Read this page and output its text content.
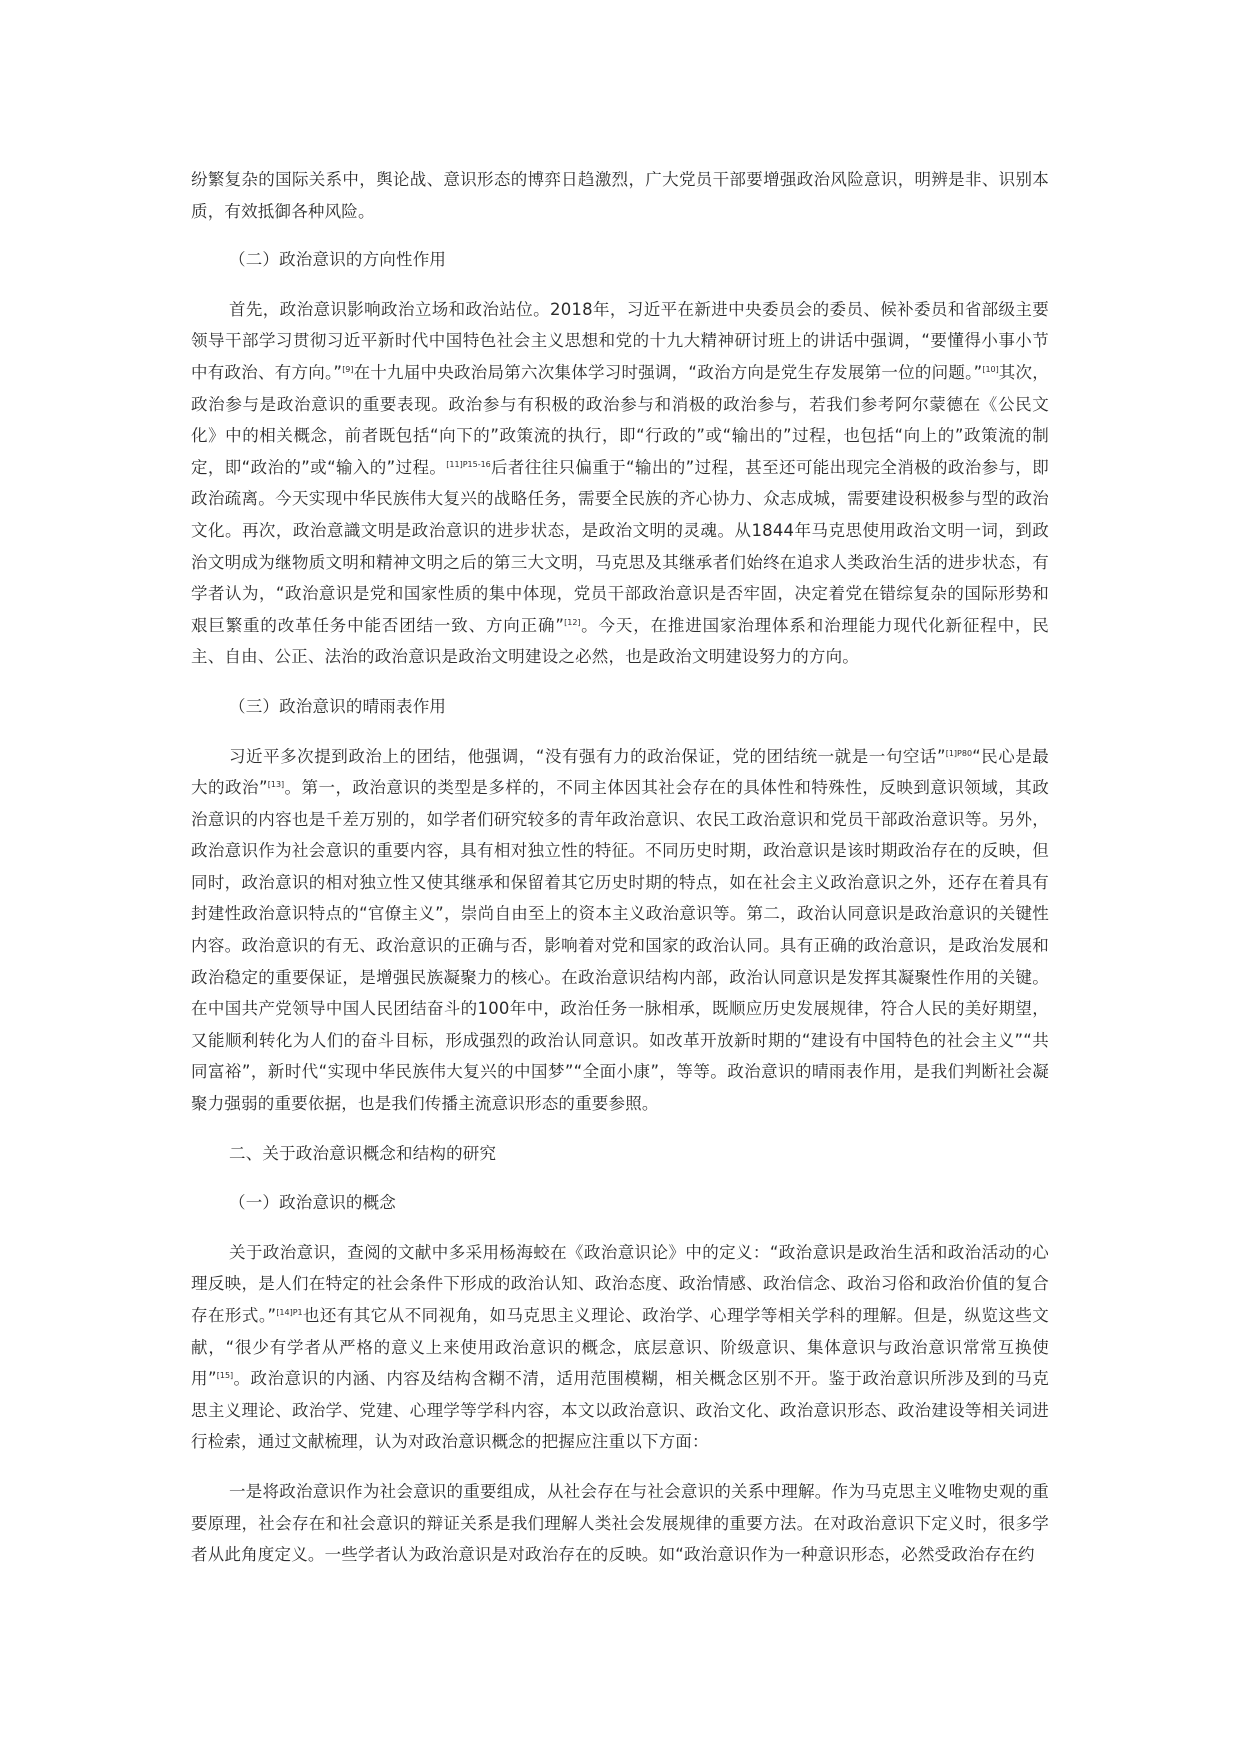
纷繁复杂的国际关系中，舆论战、意识形态的博弈日趋激烈，广大党员干部要增强政治风险意识，明辨是非、识别本质，有效抵御各种风险。

（二）政治意识的方向性作用

首先，政治意识影响政治立场和政治站位。2018年，习近平在新进中央委员会的委员、候补委员和省部级主要领导干部学习贯彻习近平新时代中国特色社会主义思想和党的十九大精神研讨班上的讲话中强调，“要懂得小事小节中有政治、有方向。”[9]在十九届中央政治局第六次集体学习时强调，“政治方向是党生存发展第一位的问题。”[10]其次，政治参与是政治意识的重要表现。政治参与有积极的政治参与和消极的政治参与，若我们参考阿尔蒙德在《公民文化》中的相关概念，前者既包括“向下的”政策流的执行，即“行政的”或“输出的”过程，也包括“向上的”政策流的制定，即“政治的”或“输入的”过程。$^{[11]P15-16}$后者往往只偏重于“输出的”过程，甚至还可能出现完全消极的政治参与，即政治疏离。今天实现中华民族伟大复兴的战略任务，需要全民族的齐心协力、众志成城，需要建设积极参与型的政治文化。再次，政治意識文明是政治意识的进步状态，是政治文明的灵魂。从1844年马克思使用政治文明一词，到政治文明成为继物质文明和精神文明之后的第三大文明，马克思及其继承者们始终在追求人类政治生活的进步状态，有学者认为，“政治意识是党和国家性质的集中体现，党员干部政治意识是否牢固，决定着党在错综复杂的国际形势和艰巨繁重的改革任务中能否团结一致、方向正确”[12]。今天，在推进国家治理体系和治理能力现代化新征程中，民主、自由、公正、法治的政治意识是政治文明建设之必然，也是政治文明建设努力的方向。

（三）政治意识的晴雨表作用

习近平多次提到政治上的团结，他强调，“没有强有力的政治保证，党的团结统一就是一句空话”$^{[1]P80}$“民心是最大的政治”[13]。第一，政治意识的类型是多样的，不同主体因其社会存在的具体性和特殊性，反映到意识领域，其政治意识的内容也是千差万别的，如学者们研究较多的青年政治意识、农民工政治意识和党员干部政治意识等。另外，政治意识作为社会意识的重要内容，具有相对独立性的特征。不同历史时期，政治意识是该时期政治存在的反映，但同时，政治意识的相对独立性又使其继承和保留着其它历史时期的特点，如在社会主义政治意识之外，还存在着具有封建性政治意识特点的“官僚主义”，崇尚自由至上的资本主义政治意识等。第二，政治认同意识是政治意识的关键性内容。政治意识的有无、政治意识的正确与否，影响着对党和国家的政治认同。具有正确的政治意识，是政治发展和政治稳定的重要保证，是增强民族凝聚力的核心。在政治意识结构内部，政治认同意识是发挥其凝聚性作用的关键。在中国共产党领导中国人民团结奋斗的100年中，政治任务一脉相承，既顺应历史发展规律，符合人民的美好期望，又能顺利转化为人们的奋斗目标，形成强烈的政治认同意识。如改革开放新时期的“建设有中国特色的社会主义”“共同富裕”，新时代“实现中华民族伟大复兴的中国梦”“全面小康”，等等。政治意识的晴雨表作用，是我们判断社会凝聚力强弱的重要依据，也是我们传播主流意识形态的重要参照。

二、关于政治意识概念和结构的研究

（一）政治意识的概念

关于政治意识，查阅的文献中多采用杨海蛟在《政治意识论》中的定义：“政治意识是政治生活和政治活动的心理反映，是人们在特定的社会条件下形成的政治认知、政治态度、政治情感、政治信念、政治习俗和政治价值的复合存在形式。”$^{[14]P1}$也还有其它从不同视角，如马克思主义理论、政治学、心理学等相关学科的理解。但是，纵览这些文献，“很少有学者从严格的意义上来使用政治意识的概念，底层意识、阶级意识、集体意识与政治意识常常互换使用”[15]。政治意识的内涵、内容及结构含糊不清，适用范围模糊，相关概念区别不开。鉴于政治意识所涉及到的马克思主义理论、政治学、党建、心理学等学科内容，本文以政治意识、政治文化、政治意识形态、政治建设等相关词进行检索，通过文献梳理，认为对政治意识概念的把握应注重以下方面：

一是将政治意识作为社会意识的重要组成，从社会存在与社会意识的关系中理解。作为马克思主义唯物史观的重要原理，社会存在和社会意识的辩证关系是我们理解人类社会发展规律的重要方法。在对政治意识下定义时，很多学者从此角度定义。一些学者认为政治意识是对政治存在的反映。如“政治意识作为一种意识形态，必然受政治存在约
